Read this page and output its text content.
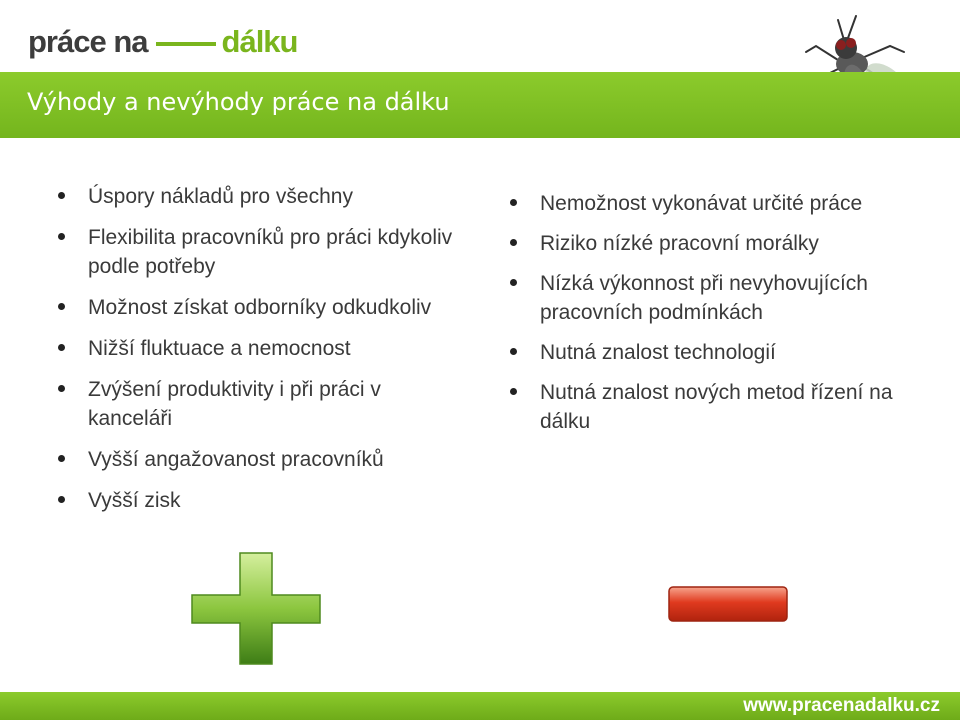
práce na dálku
Výhody a nevýhody práce na dálku
Úspory nákladů pro všechny
Flexibilita pracovníků pro práci kdykoliv podle potřeby
Možnost získat odborníky odkudkoliv
Nižší fluktuace a nemocnost
Zvýšení produktivity i při práci v kanceláři
Vyšší angažovanost pracovníků
Vyšší zisk
Nemožnost vykonávat určité práce
Riziko nízké pracovní morálky
Nízká výkonnost při nevyhovujících pracovních podmínkách
Nutná znalost technologií
Nutná znalost nových metod řízení na dálku
www.pracenadalku.cz
